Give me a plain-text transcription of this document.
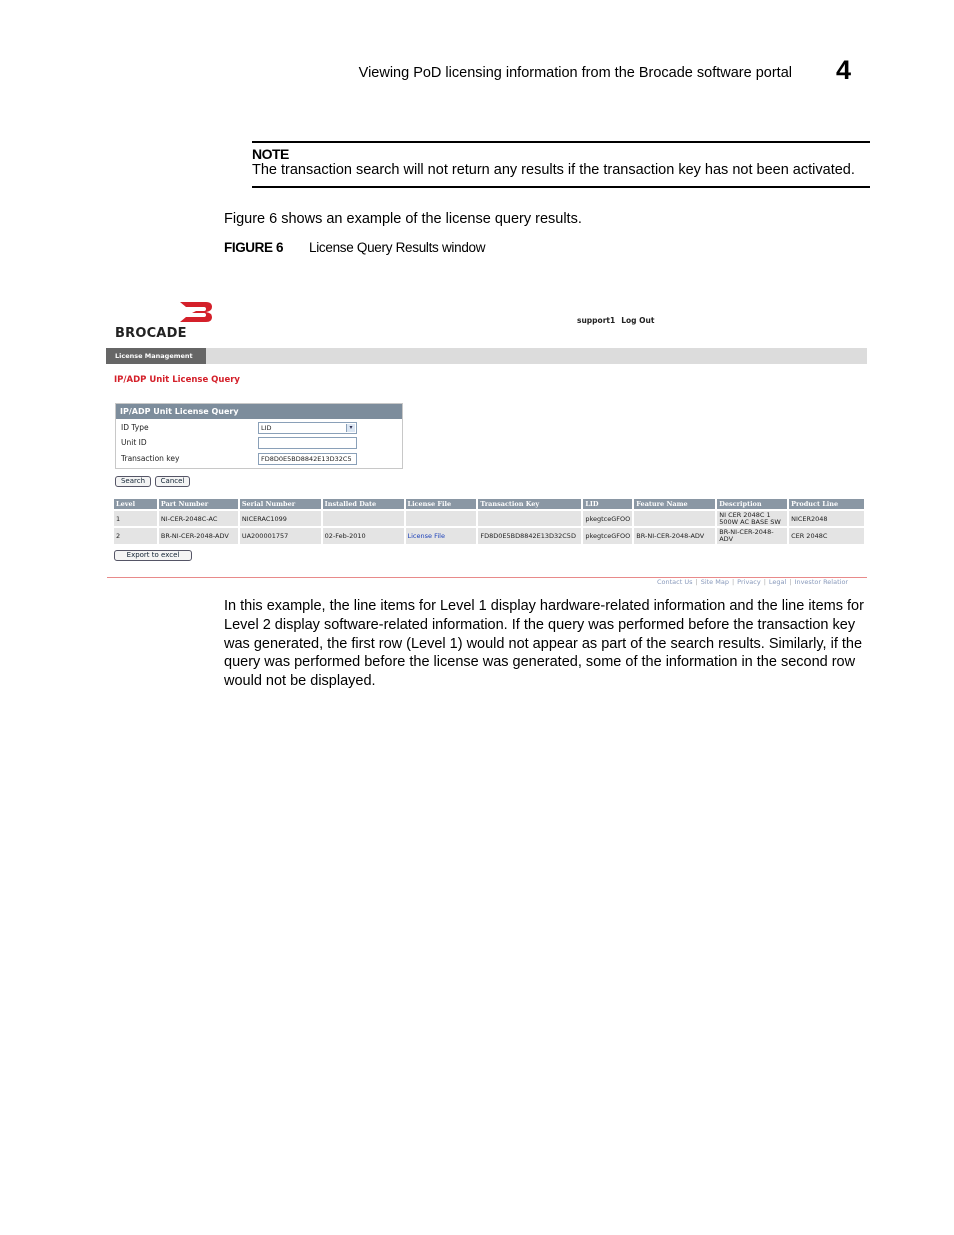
Viewing PoD licensing information from the Brocade software portal 4
NOTE
The transaction search will not return any results if the transaction key has not been activated.
Figure 6 shows an example of the license query results.
FIGURE 6 License Query Results window
BROCADE
support1 Log Out
License Management
IP/ADP Unit License Query
IP/ADP Unit License Query
ID Type	LID	▾
Unit ID
Transaction key	FD8D0E5BD8842E13D32C5
Search	Cancel
Level	Part Number	Serial Number	Installed Date	License File	Transaction Key	LID	Feature Name	Description	Product Line
1	NI-CER-2048C-AC	NICERAC1099				pkegtceGFOO		NI CER 2048C 1 500W AC BASE SW	NICER2048
2	BR-NI-CER-2048-ADV	UA200001757	02-Feb-2010	License File	FD8D0E5BD8842E13D32C5D	pkegtceGFOO	BR-NI-CER-2048-ADV	BR-NI-CER-2048-ADV	CER 2048C
Export to excel
Contact Us | Site Map | Privacy | Legal | Investor Relatior
In this example, the line items for Level 1 display hardware-related information and the line items for Level 2 display software-related information. If the query was performed before the transaction key was generated, the first row (Level 1) would not appear as part of the search results. Similarly, if the query was performed before the license was generated, some of the information in the second row would not be displayed.
